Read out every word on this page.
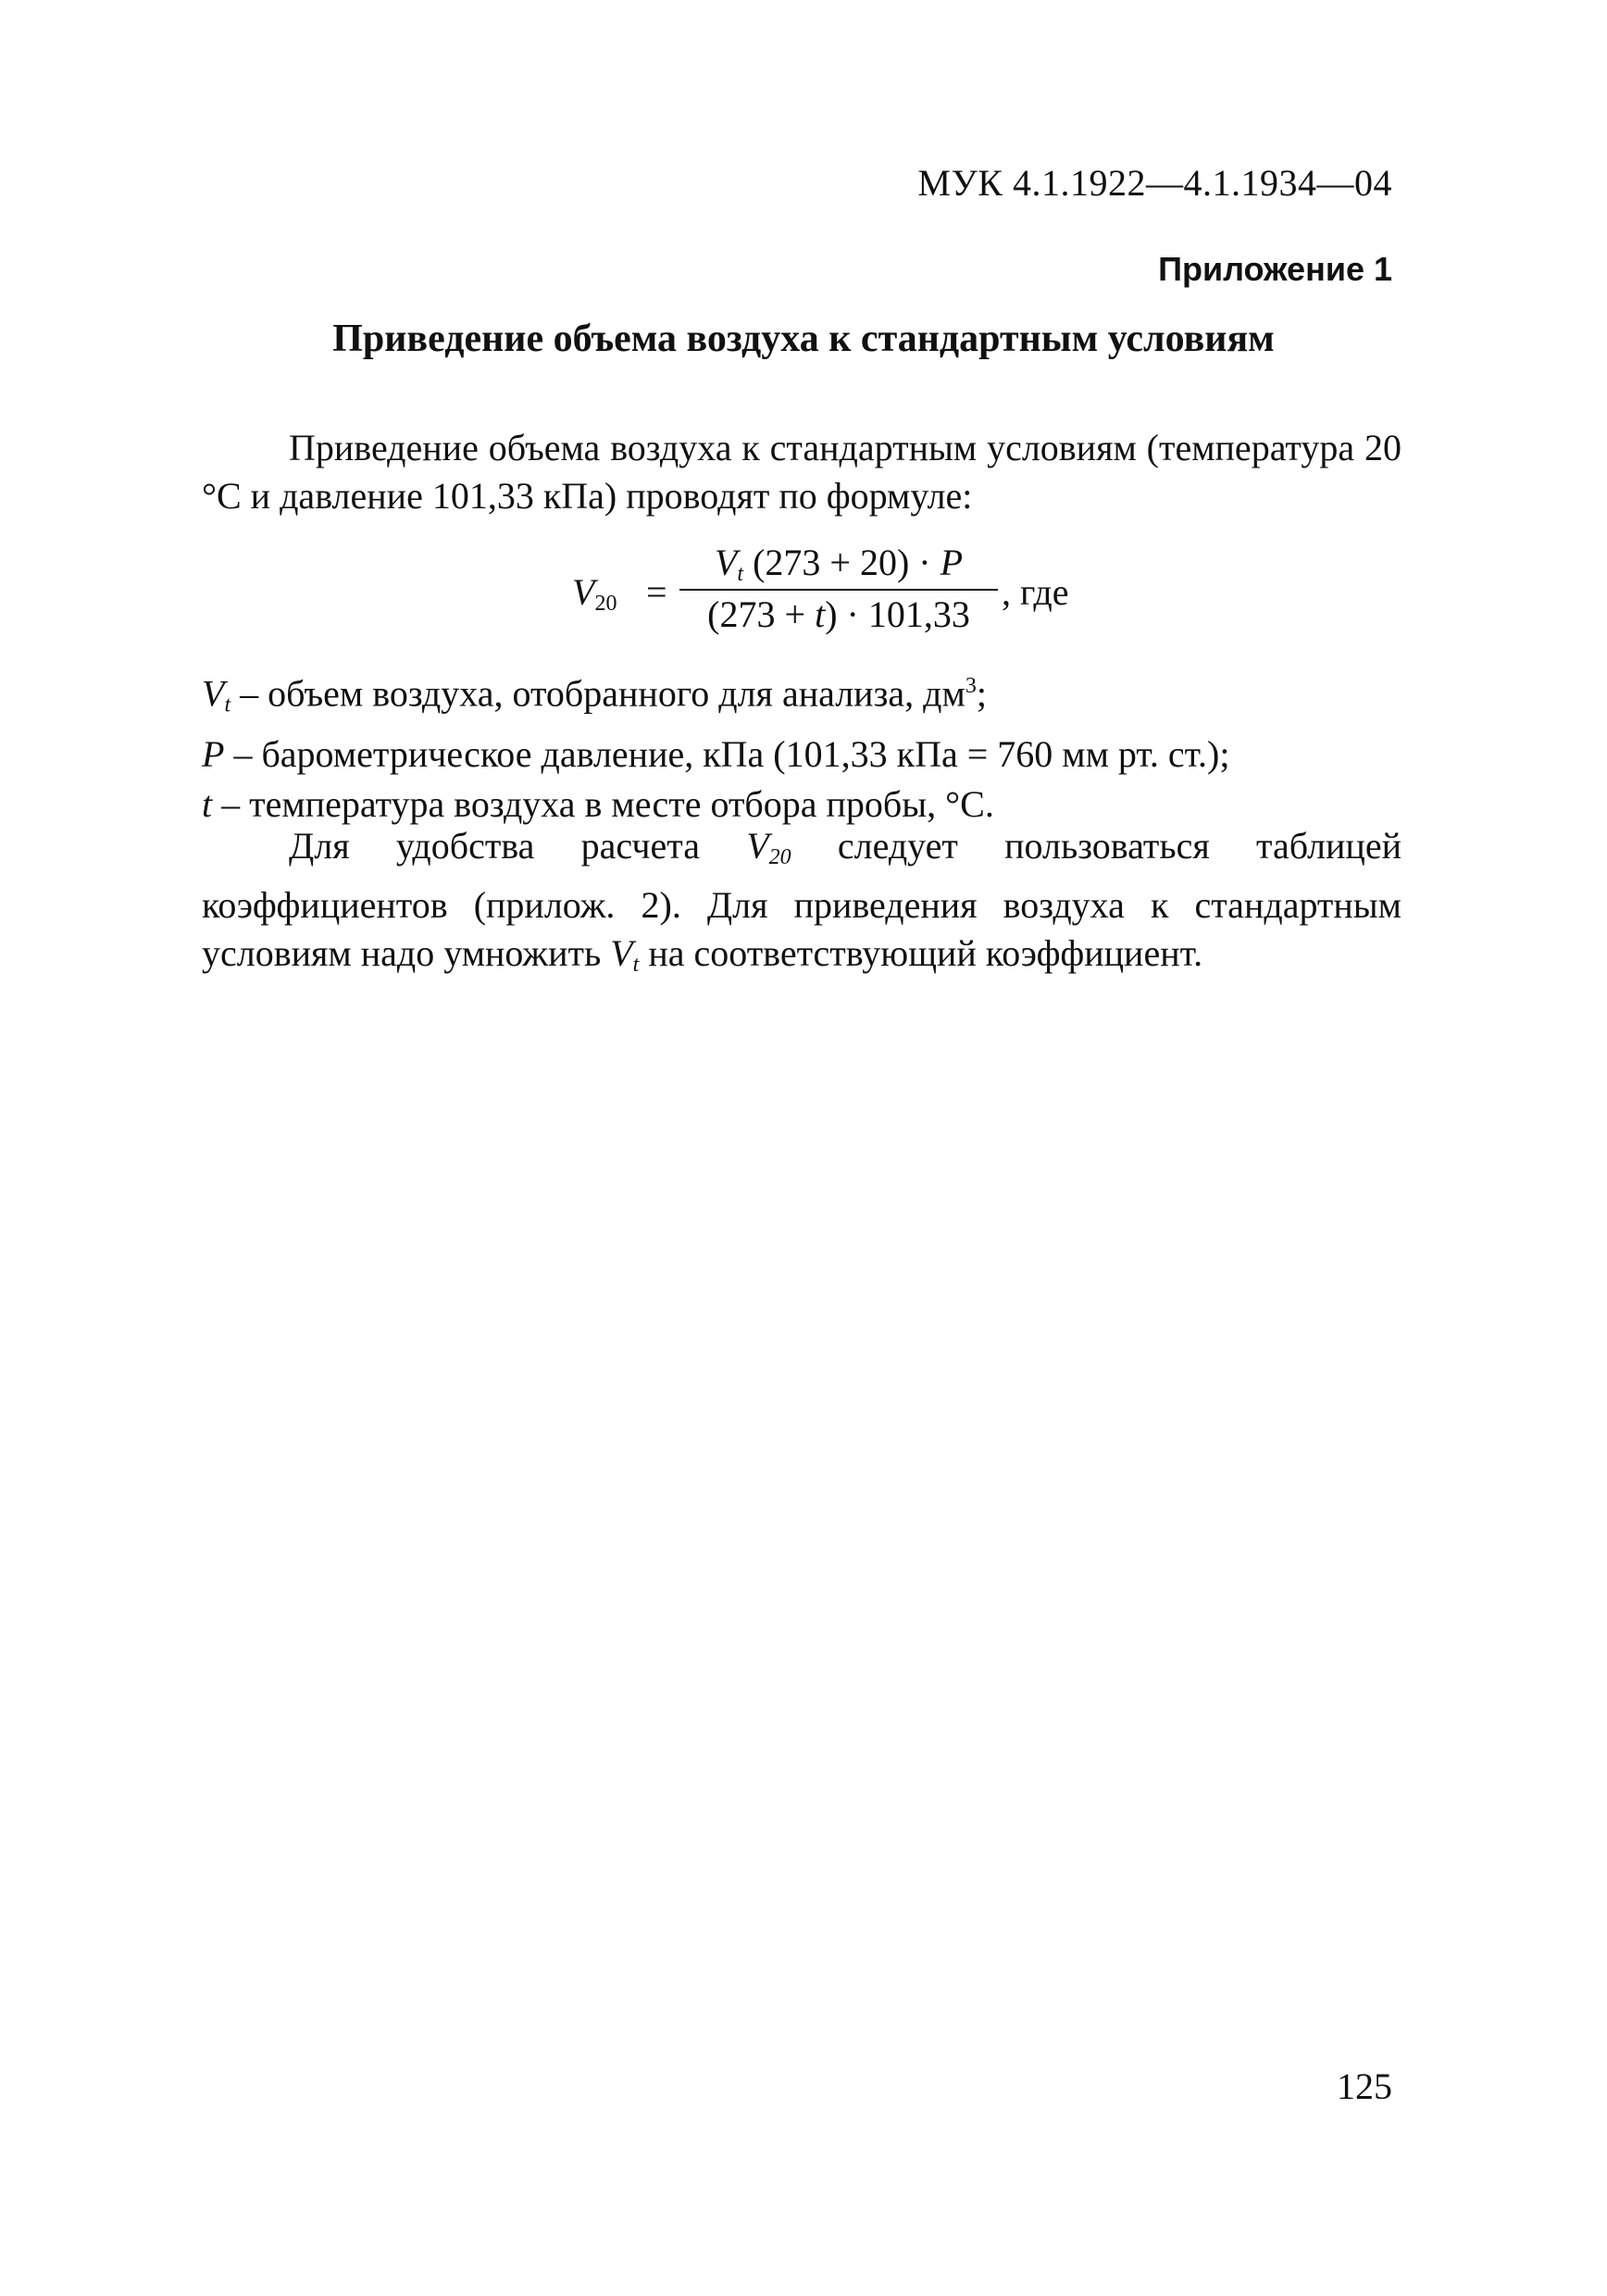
МУК 4.1.1922—4.1.1934—04
Приложение 1
Приведение объема воздуха к стандартным условиям
Приведение объема воздуха к стандартным условиям (температура 20 °С и давление 101,33 кПа) проводят по формуле:
$V_{20} = \frac{V_t (273 + 20) \cdot P}{(273 + t) \cdot 101,33}$ , где
$V_t$ – объем воздуха, отобранного для анализа, $дм^3$;
P – барометрическое давление, кПа (101,33 кПа = 760 мм рт. ст.);
t – температура воздуха в месте отбора пробы, °С.
Для удобства расчета $V_{20}$ следует пользоваться таблицей коэффициентов (прилож. 2). Для приведения воздуха к стандартным условиям надо умножить $V_t$ на соответствующий коэффициент.
125
